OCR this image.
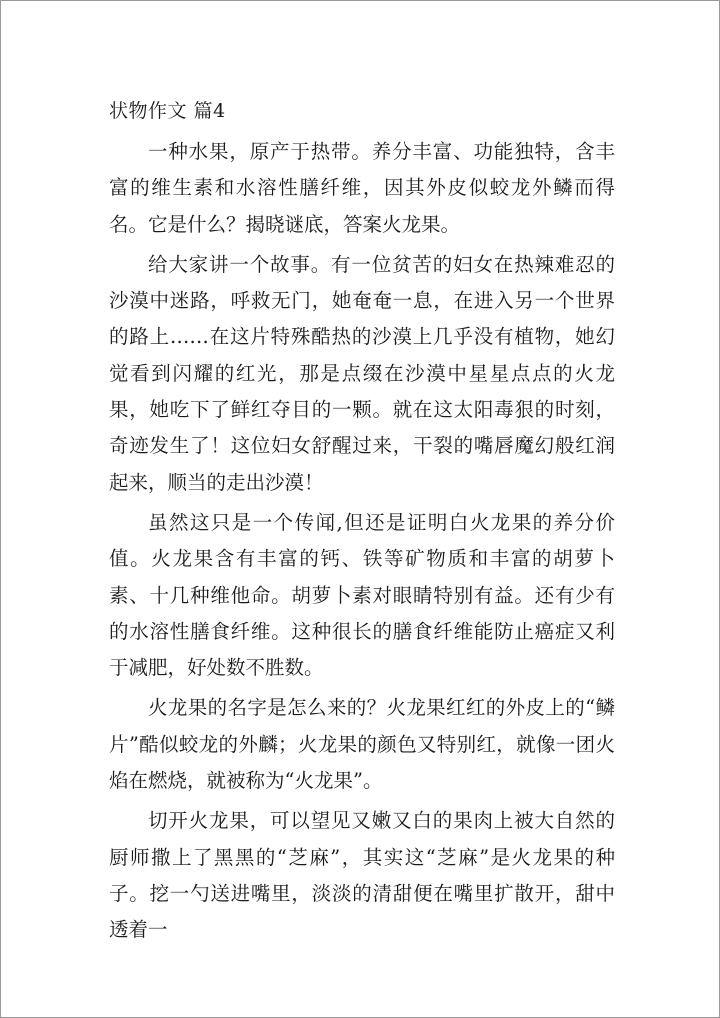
状物作文 篇4

一种水果，原产于热带。养分丰富、功能独特，含丰富的维生素和水溶性膳纤维，因其外皮似蛟龙外鳞而得名。它是什么？揭晓谜底，答案火龙果。

给大家讲一个故事。有一位贫苦的妇女在热辣难忍的沙漠中迷路，呼救无门，她奄奄一息，在进入另一个世界的路上……在这片特殊酷热的沙漠上几乎没有植物，她幻觉看到闪耀的红光，那是点缀在沙漠中星星点点的火龙果，她吃下了鲜红夺目的一颗。就在这太阳毒狠的时刻，奇迹发生了！这位妇女舒醒过来，干裂的嘴唇魔幻般红润起来，顺当的走出沙漠！

虽然这只是一个传闻,但还是证明白火龙果的养分价值。火龙果含有丰富的钙、铁等矿物质和丰富的胡萝卜素、十几种维他命。胡萝卜素对眼睛特别有益。还有少有的水溶性膳食纤维。这种很长的膳食纤维能防止癌症又利于减肥，好处数不胜数。

火龙果的名字是怎么来的？火龙果红红的外皮上的“鳞片”酷似蛟龙的外麟；火龙果的颜色又特别红，就像一团火焰在燃烧，就被称为“火龙果”。

切开火龙果，可以望见又嫩又白的果肉上被大自然的厨师撒上了黑黑的“芝麻”，其实这“芝麻”是火龙果的种子。挖一勺送进嘴里，淡淡的清甜便在嘴里扩散开，甜中透着一
